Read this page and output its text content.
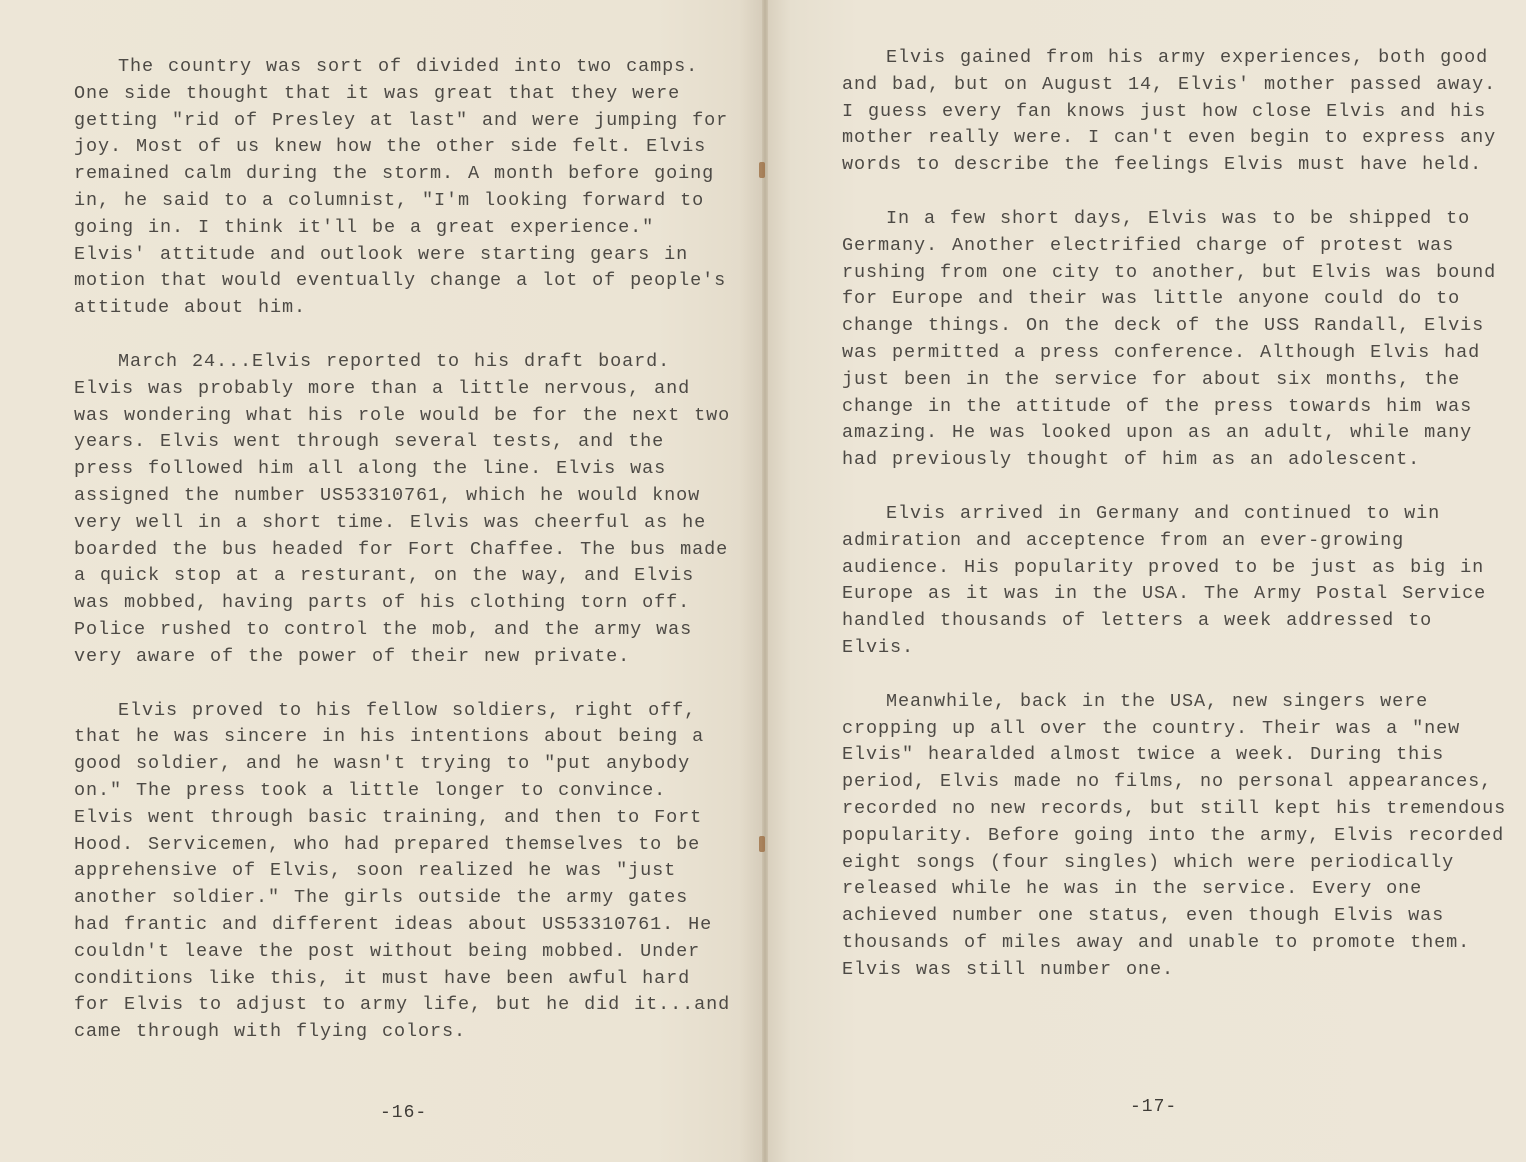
The country was sort of divided into two camps. One side thought that it was great that they were getting "rid of Presley at last" and were jumping for joy. Most of us knew how the other side felt. Elvis remained calm during the storm. A month before going in, he said to a columnist, "I'm looking forward to going in. I think it'll be a great experience." Elvis' attitude and outlook were starting gears in motion that would eventually change a lot of people's attitude about him.

March 24...Elvis reported to his draft board. Elvis was probably more than a little nervous, and was wondering what his role would be for the next two years. Elvis went through several tests, and the press followed him all along the line. Elvis was assigned the number US53310761, which he would know very well in a short time. Elvis was cheerful as he boarded the bus headed for Fort Chaffee. The bus made a quick stop at a resturant, on the way, and Elvis was mobbed, having parts of his clothing torn off. Police rushed to control the mob, and the army was very aware of the power of their new private.

Elvis proved to his fellow soldiers, right off, that he was sincere in his intentions about being a good soldier, and he wasn't trying to "put anybody on." The press took a little longer to convince. Elvis went through basic training, and then to Fort Hood. Servicemen, who had prepared themselves to be apprehensive of Elvis, soon realized he was "just another soldier." The girls outside the army gates had frantic and different ideas about US53310761. He couldn't leave the post without being mobbed. Under conditions like this, it must have been awful hard for Elvis to adjust to army life, but he did it...and came through with flying colors.

-16-

Elvis gained from his army experiences, both good and bad, but on August 14, Elvis' mother passed away. I guess every fan knows just how close Elvis and his mother really were. I can't even begin to express any words to describe the feelings Elvis must have held.

In a few short days, Elvis was to be shipped to Germany. Another electrified charge of protest was rushing from one city to another, but Elvis was bound for Europe and their was little anyone could do to change things. On the deck of the USS Randall, Elvis was permitted a press conference. Although Elvis had just been in the service for about six months, the change in the attitude of the press towards him was amazing. He was looked upon as an adult, while many had previously thought of him as an adolescent.

Elvis arrived in Germany and continued to win admiration and acceptence from an ever-growing audience. His popularity proved to be just as big in Europe as it was in the USA. The Army Postal Service handled thousands of letters a week addressed to Elvis.

Meanwhile, back in the USA, new singers were cropping up all over the country. Their was a "new Elvis" hearalded almost twice a week. During this period, Elvis made no films, no personal appearances, recorded no new records, but still kept his tremendous popularity. Before going into the army, Elvis recorded eight songs (four singles) which were periodically released while he was in the service. Every one achieved number one status, even though Elvis was thousands of miles away and unable to promote them. Elvis was still number one.

-17-
